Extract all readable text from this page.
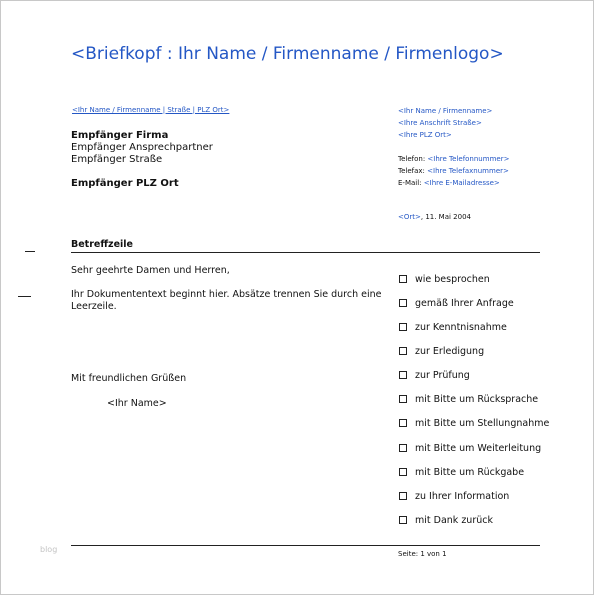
<Briefkopf : Ihr Name / Firmenname / Firmenlogo>
<Ihr Name / Firmenname | Straße | PLZ Ort>
Empfänger Firma
Empfänger Ansprechpartner
Empfänger Straße
Empfänger PLZ Ort
<Ihr Name / Firmenname>
<Ihre Anschrift Straße>
<Ihre PLZ Ort>
Telefon: <Ihre Telefonnummer>
Telefax: <Ihre Telefaxnummer>
E-Mail: <Ihre E-Mailadresse>
<Ort>, 11. Mai 2004
Betreffzeile
Sehr geehrte Damen und Herren,
Ihr Dokumententext beginnt hier. Absätze trennen Sie durch eine
Leerzeile.
Mit freundlichen Grüßen
<Ihr Name>
wie besprochen
gemäß Ihrer Anfrage
zur Kenntnisnahme
zur Erledigung
zur Prüfung
mit Bitte um Rücksprache
mit Bitte um Stellungnahme
mit Bitte um Weiterleitung
mit Bitte um Rückgabe
zu Ihrer Information
mit Dank zurück
Seite: 1 von 1
blog
